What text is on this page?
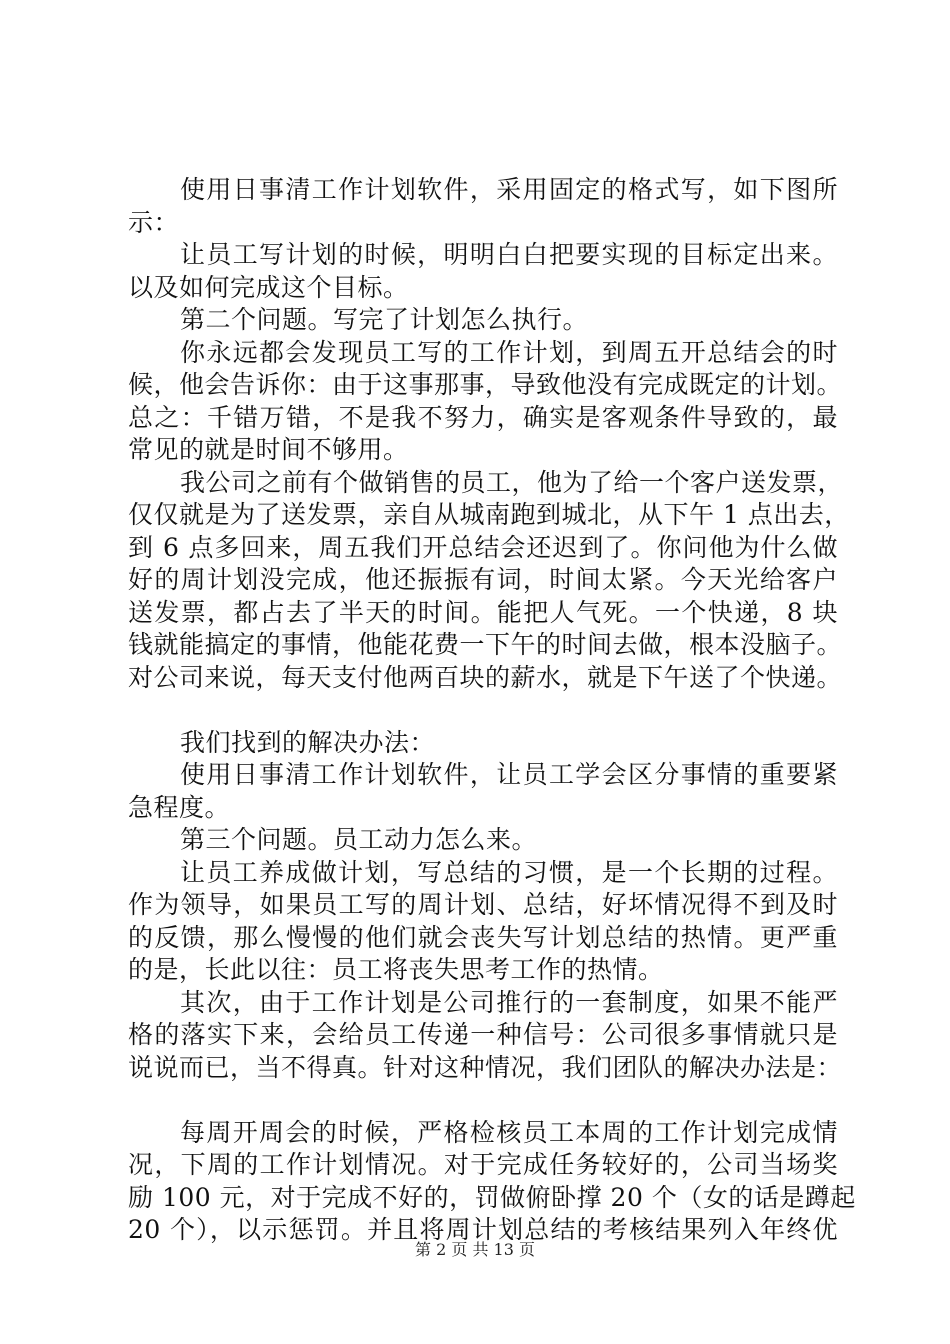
使用日事清工作计划软件，采用固定的格式写，如下图所
示：
让员工写计划的时候，明明白白把要实现的目标定出来。
以及如何完成这个目标。
第二个问题。写完了计划怎么执行。
你永远都会发现员工写的工作计划，到周五开总结会的时
候，他会告诉你：由于这事那事，导致他没有完成既定的计划。
总之：千错万错，不是我不努力，确实是客观条件导致的，最
常见的就是时间不够用。
我公司之前有个做销售的员工，他为了给一个客户送发票，
仅仅就是为了送发票，亲自从城南跑到城北，从下午 1 点出去，
到 6 点多回来，周五我们开总结会还迟到了。你问他为什么做
好的周计划没完成，他还振振有词，时间太紧。今天光给客户
送发票，都占去了半天的时间。能把人气死。一个快递，8 块
钱就能搞定的事情，他能花费一下午的时间去做，根本没脑子。
对公司来说，每天支付他两百块的薪水，就是下午送了个快递。
我们找到的解决办法：
使用日事清工作计划软件，让员工学会区分事情的重要紧
急程度。
第三个问题。员工动力怎么来。
让员工养成做计划，写总结的习惯，是一个长期的过程。
作为领导，如果员工写的周计划、总结，好坏情况得不到及时
的反馈，那么慢慢的他们就会丧失写计划总结的热情。更严重
的是，长此以往：员工将丧失思考工作的热情。
其次，由于工作计划是公司推行的一套制度，如果不能严
格的落实下来，会给员工传递一种信号：公司很多事情就只是
说说而已，当不得真。针对这种情况，我们团队的解决办法是：
每周开周会的时候，严格检核员工本周的工作计划完成情
况，下周的工作计划情况。对于完成任务较好的，公司当场奖
励 100 元，对于完成不好的，罚做俯卧撑 20 个（女的话是蹲起
20 个），以示惩罚。并且将周计划总结的考核结果列入年终优
第 2 页 共 13 页
